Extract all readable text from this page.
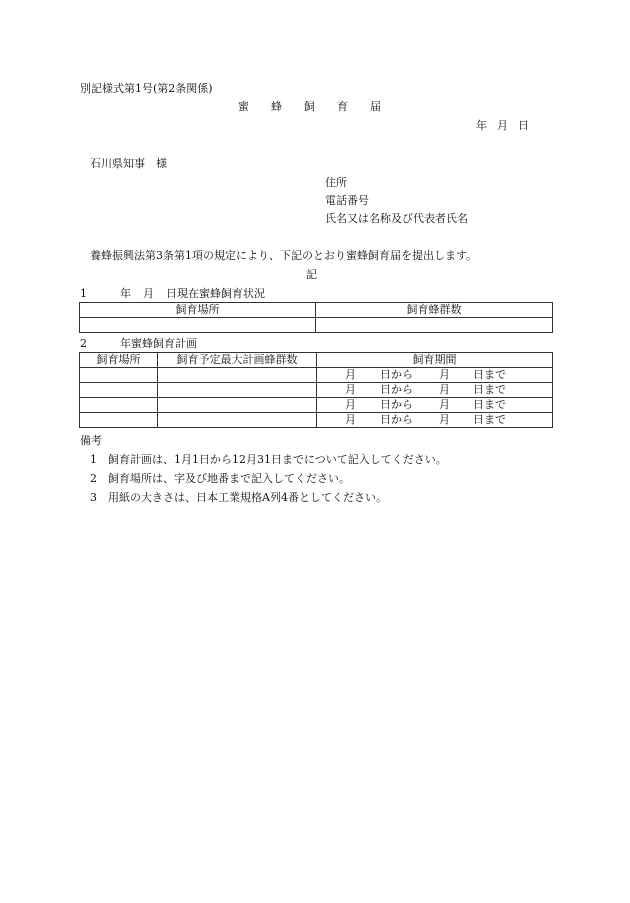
別記様式第1号(第2条関係)
蜜 蜂 飼 育 届
年 月 日
石川県知事　様
住所
電話番号
氏名又は名称及び代表者氏名
養蜂振興法第3条第1項の規定により、下記のとおり蜜蜂飼育届を提出します。
記
1	年 月 日現在蜜蜂飼育状況
飼育場所	飼育蜂群数

2	年蜜蜂飼育計画
飼育場所	飼育予定最大計画蜂群数	飼育期間

		月 日から 月 日まで

		月 日から 月 日まで

		月 日から 月 日まで

		月 日から 月 日まで
備考
1 飼育計画は、1月1日から12月31日までについて記入してください。
2 飼育場所は、字及び地番まで記入してください。
3 用紙の大きさは、日本工業規格A列4番としてください。
